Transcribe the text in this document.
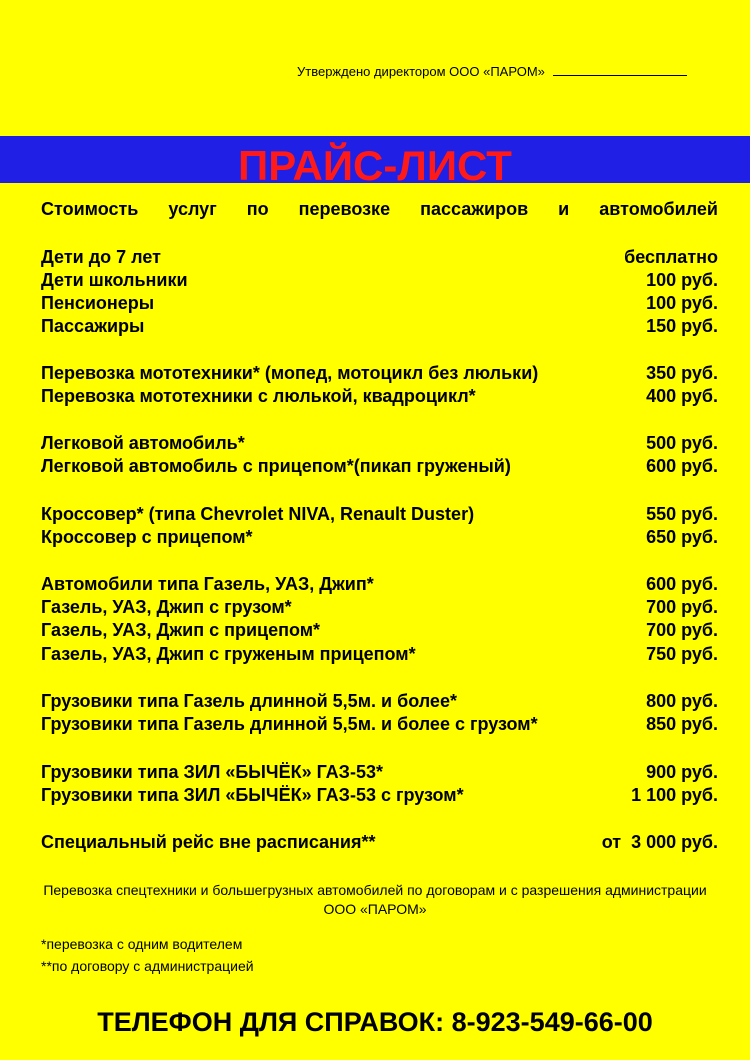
Утверждено директором ООО «ПАРОМ»
ПРАЙС-ЛИСТ
Стоимость услуг по перевозке пассажиров и автомобилей
Дети до 7 лет	бесплатно
Дети школьники	100 руб.
Пенсионеры	100 руб.
Пассажиры	150 руб.
Перевозка мототехники* (мопед, мотоцикл без люльки)	350 руб.
Перевозка мототехники с люлькой, квадроцикл*	400 руб.
Легковой автомобиль*	500 руб.
Легковой автомобиль с прицепом*(пикап груженый)	600 руб.
Кроссовер* (типа Chevrolet NIVA, Renault Duster)	550 руб.
Кроссовер с прицепом*	650 руб.
Автомобили типа Газель, УАЗ, Джип*	600 руб.
Газель, УАЗ, Джип с грузом*	700 руб.
Газель, УАЗ, Джип с прицепом*	700 руб.
Газель, УАЗ, Джип с груженым прицепом*	750 руб.
Грузовики типа Газель длинной 5,5м. и более*	800 руб.
Грузовики типа Газель длинной 5,5м. и более с грузом*	850 руб.
Грузовики типа ЗИЛ «БЫЧЁК» ГАЗ-53*	900 руб.
Грузовики типа ЗИЛ «БЫЧЁК» ГАЗ-53 с грузом*	1 100 руб.
Специальный рейс вне расписания**	от  3 000 руб.
Перевозка спецтехники и большегрузных автомобилей по договорам и с разрешения администрации ООО «ПАРОМ»
*перевозка с одним водителем
**по договору с администрацией
ТЕЛЕФОН ДЛЯ СПРАВОК: 8-923-549-66-00
